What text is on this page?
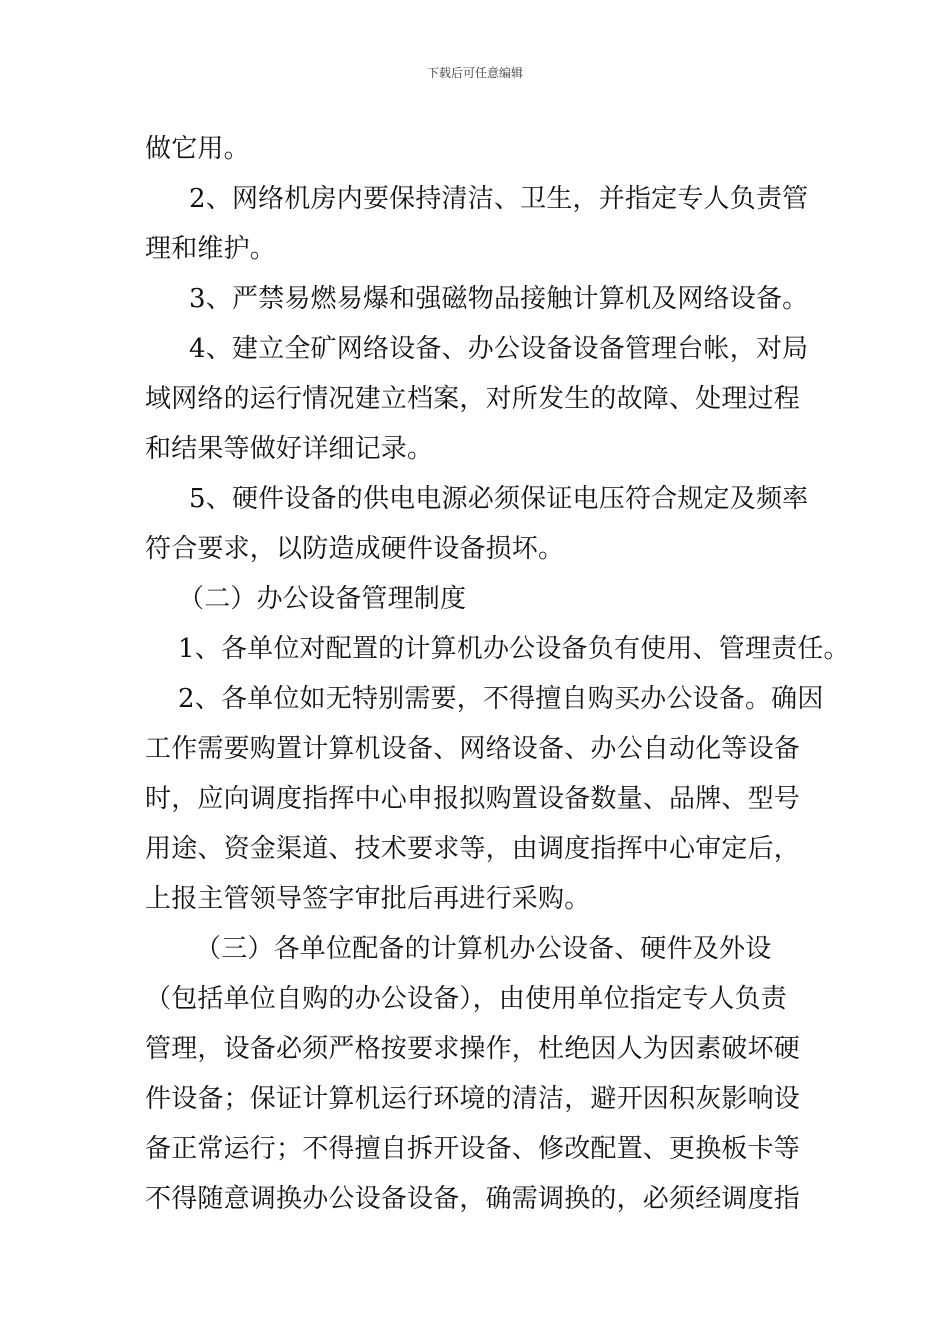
下载后可任意编辑
做它用。
2、网络机房内要保持清洁、卫生，并指定专人负责管
理和维护。
3、严禁易燃易爆和强磁物品接触计算机及网络设备。
4、建立全矿网络设备、办公设备设备管理台帐，对局
域网络的运行情况建立档案，对所发生的故障、处理过程
和结果等做好详细记录。
5、硬件设备的供电电源必须保证电压符合规定及频率
符合要求，以防造成硬件设备损坏。
（二）办公设备管理制度
1、各单位对配置的计算机办公设备负有使用、管理责任。
2、各单位如无特别需要，不得擅自购买办公设备。确因
工作需要购置计算机设备、网络设备、办公自动化等设备
时，应向调度指挥中心申报拟购置设备数量、品牌、型号
用途、资金渠道、技术要求等，由调度指挥中心审定后，
上报主管领导签字审批后再进行采购。
（三）各单位配备的计算机办公设备、硬件及外设
（包括单位自购的办公设备），由使用单位指定专人负责
管理，设备必须严格按要求操作，杜绝因人为因素破坏硬
件设备；保证计算机运行环境的清洁，避开因积灰影响设
备正常运行；不得擅自拆开设备、修改配置、更换板卡等
不得随意调换办公设备设备，确需调换的，必须经调度指
